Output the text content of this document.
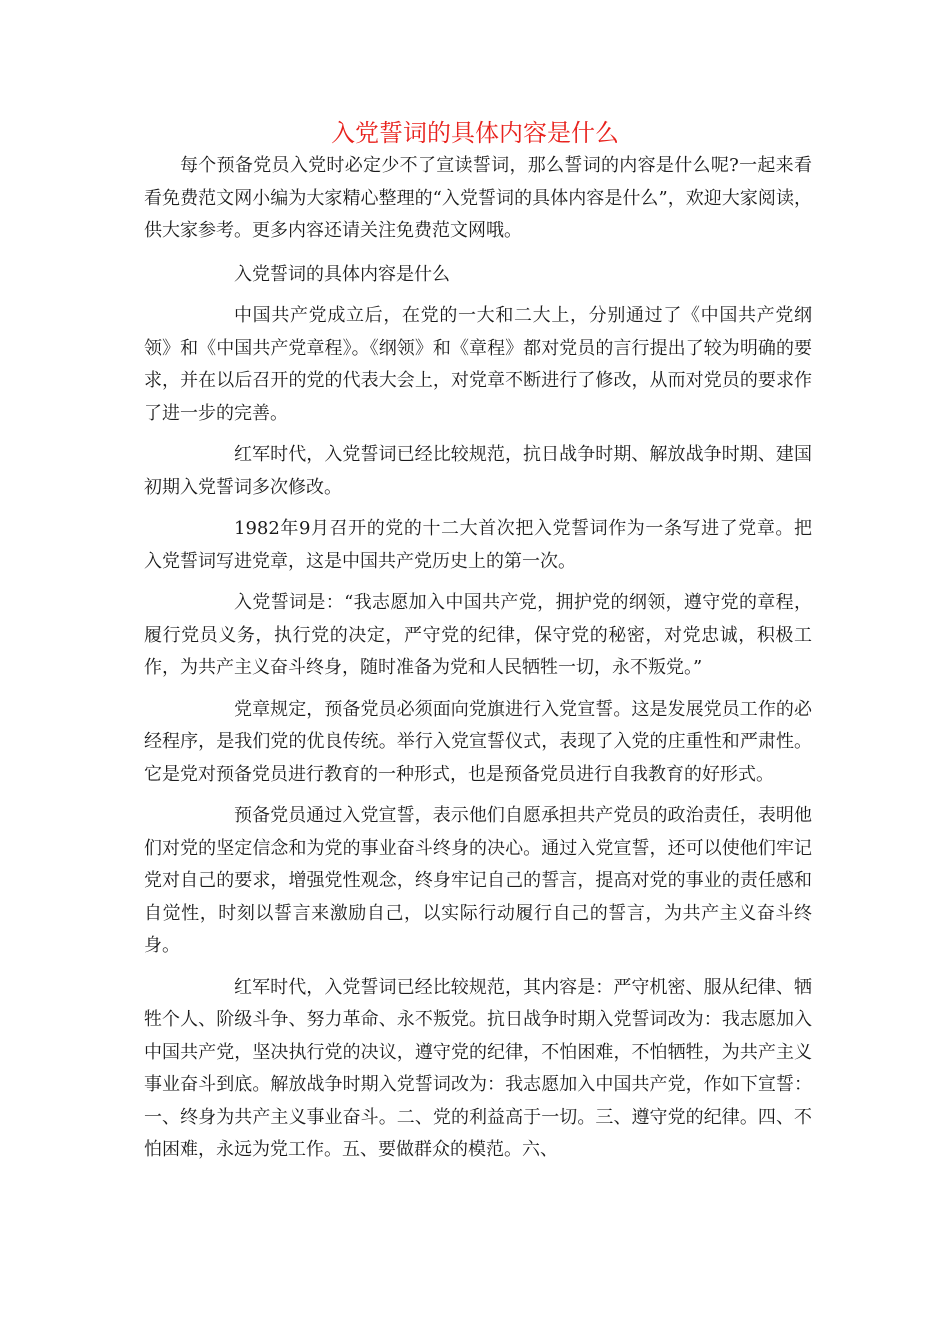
入党誓词的具体内容是什么

每个预备党员入党时必定少不了宣读誓词，那么誓词的内容是什么呢?一起来看看免费范文网小编为大家精心整理的“入党誓词的具体内容是什么”，欢迎大家阅读，供大家参考。更多内容还请关注免费范文网哦。

入党誓词的具体内容是什么

中国共产党成立后，在党的一大和二大上，分别通过了《中国共产党纲领》和《中国共产党章程》。《纲领》和《章程》都对党员的言行提出了较为明确的要求，并在以后召开的党的代表大会上，对党章不断进行了修改，从而对党员的要求作了进一步的完善。

红军时代，入党誓词已经比较规范，抗日战争时期、解放战争时期、建国初期入党誓词多次修改。

1982年9月召开的党的十二大首次把入党誓词作为一条写进了党章。把入党誓词写进党章，这是中国共产党历史上的第一次。

入党誓词是：“我志愿加入中国共产党，拥护党的纲领，遵守党的章程，履行党员义务，执行党的决定，严守党的纪律，保守党的秘密，对党忠诚，积极工作，为共产主义奋斗终身，随时准备为党和人民牺牲一切，永不叛党。”

党章规定，预备党员必须面向党旗进行入党宣誓。这是发展党员工作的必经程序，是我们党的优良传统。举行入党宣誓仪式，表现了入党的庄重性和严肃性。它是党对预备党员进行教育的一种形式，也是预备党员进行自我教育的好形式。

预备党员通过入党宣誓，表示他们自愿承担共产党员的政治责任，表明他们对党的坚定信念和为党的事业奋斗终身的决心。通过入党宣誓，还可以使他们牢记党对自己的要求，增强党性观念，终身牢记自己的誓言，提高对党的事业的责任感和自觉性，时刻以誓言来激励自己，以实际行动履行自己的誓言，为共产主义奋斗终身。

红军时代，入党誓词已经比较规范，其内容是：严守机密、服从纪律、牺牲个人、阶级斗争、努力革命、永不叛党。抗日战争时期入党誓词改为：我志愿加入中国共产党，坚决执行党的决议，遵守党的纪律，不怕困难，不怕牺牲，为共产主义事业奋斗到底。解放战争时期入党誓词改为：我志愿加入中国共产党，作如下宣誓：一、终身为共产主义事业奋斗。二、党的利益高于一切。三、遵守党的纪律。四、不怕困难，永远为党工作。五、要做群众的模范。六、
